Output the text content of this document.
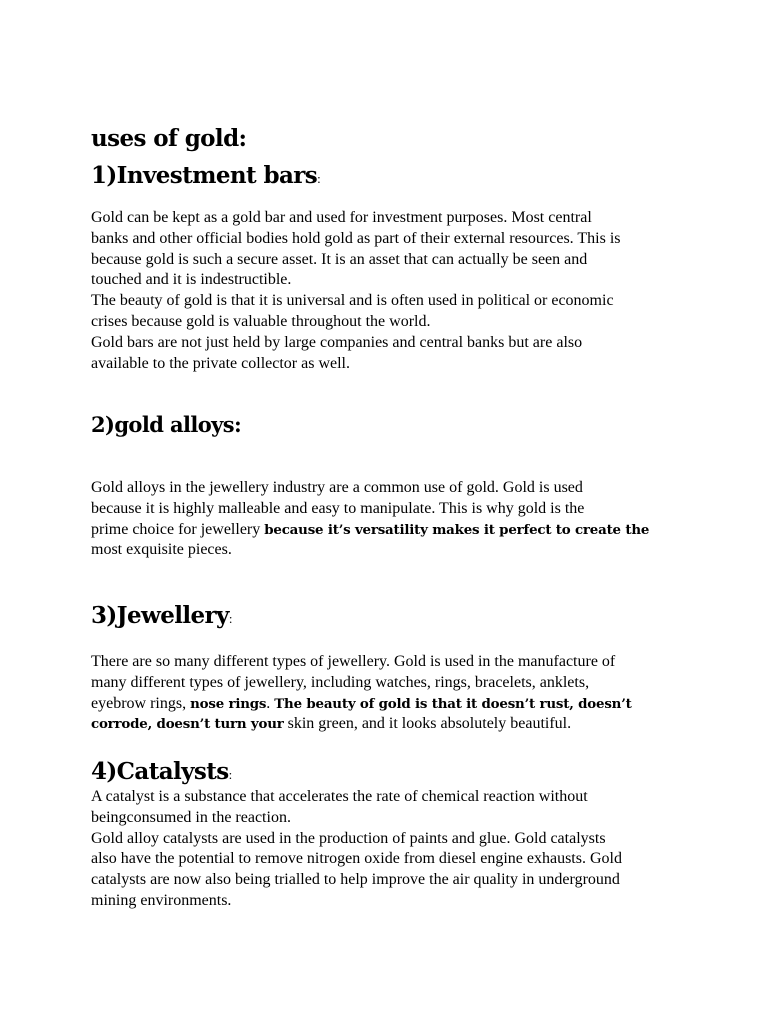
uses of gold:
1)Investment bars:
Gold can be kept as a gold bar and used for investment purposes. Most central
banks and other official bodies hold gold as part of their external resources. This is
because gold is such a secure asset. It is an asset that can actually be seen and
touched and it is indestructible.
The beauty of gold is that it is universal and is often used in political or economic
crises because gold is valuable throughout the world.
Gold bars are not just held by large companies and central banks but are also
available to the private collector as well.
2)gold alloys:
Gold alloys in the jewellery industry are a common use of gold. Gold is used
because it is highly malleable and easy to manipulate. This is why gold is the
prime choice for jewellery because it’s versatility makes it perfect to create the
most exquisite pieces.
3)Jewellery:
There are so many different types of jewellery. Gold is used in the manufacture of
many different types of jewellery, including watches, rings, bracelets, anklets,
eyebrow rings, nose rings. The beauty of gold is that it doesn’t rust, doesn’t
corrode, doesn’t turn your skin green, and it looks absolutely beautiful.
4)Catalysts:
A catalyst is a substance that accelerates the rate of chemical reaction without
beingconsumed in the reaction.
Gold alloy catalysts are used in the production of paints and glue. Gold catalysts
also have the potential to remove nitrogen oxide from diesel engine exhausts. Gold
catalysts are now also being trialled to help improve the air quality in underground
mining environments.
